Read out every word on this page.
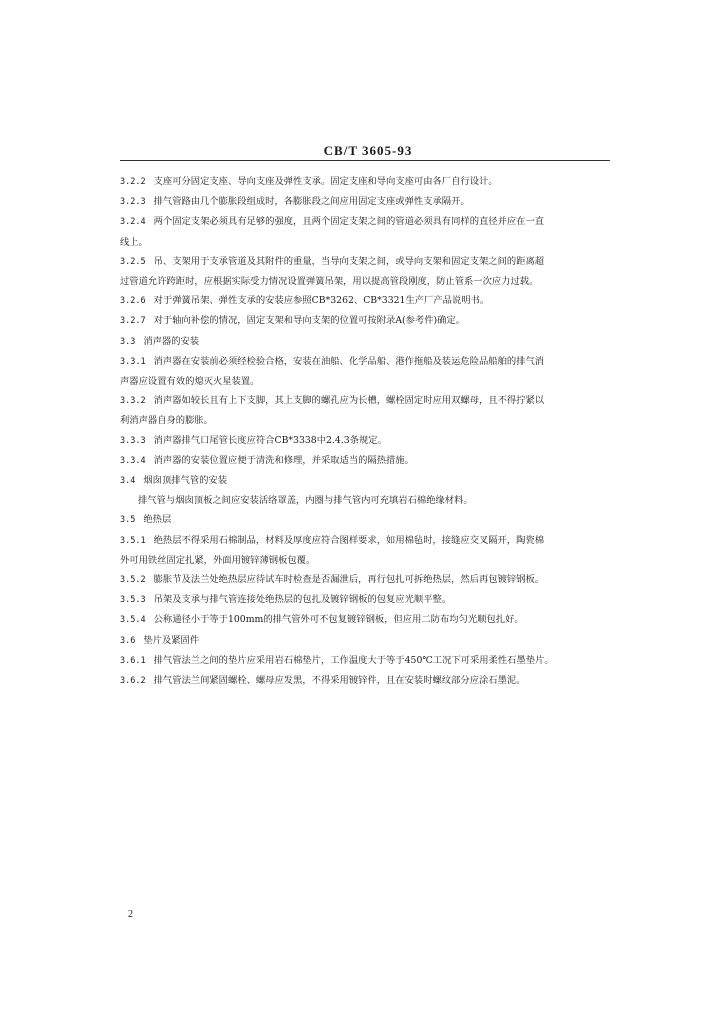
CB/T 3605-93
3.2.2 支座可分固定支座、导向支座及弹性支承。固定支座和导向支座可由各厂自行设计。
3.2.3 排气管路由几个膨胀段组成时，各膨胀段之间应用固定支座或弹性支承隔开。
3.2.4 两个固定支架必须具有足够的强度，且两个固定支架之间的管道必须具有同样的直径并应在一直
线上。
3.2.5 吊、支架用于支承管道及其附件的重量，当导向支架之间，或导向支架和固定支架之间的距离超
过管道允许跨距时，应根据实际受力情况设置弹簧吊架，用以提高管段刚度，防止管系一次应力过载。
3.2.6 对于弹簧吊架、弹性支承的安装应参照CB*3262、CB*3321生产厂产品说明书。
3.2.7 对于轴向补偿的情况，固定支架和导向支架的位置可按附录A(参考件)确定。
3.3 消声器的安装
3.3.1 消声器在安装前必须经检验合格，安装在油船、化学品船、港作拖船及装运危险品船舶的排气消
声器应设置有效的熄灭火星装置。
3.3.2 消声器如较长且有上下支脚，其上支脚的螺孔应为长槽，螺栓固定时应用双螺母，且不得拧紧以
利消声器自身的膨胀。
3.3.3 消声器排气口尾管长度应符合CB*3338中2.4.3条规定。
3.3.4 消声器的安装位置应便于清洗和修理，并采取适当的隔热措施。
3.4 烟囱顶排气管的安装
排气管与烟囱顶板之间应安装活络罩盖，内圈与排气管内可充填岩石棉绝缘材料。
3.5 绝热层
3.5.1 绝热层不得采用石棉制品，材料及厚度应符合图样要求，如用棉毡时，接缝应交叉隔开，陶瓷棉
外可用铁丝固定扎紧，外面用镀锌薄钢板包覆。
3.5.2 膨胀节及法兰处绝热层应待试车时检查是否漏泄后，再行包扎可拆绝热层，然后再包镀锌钢板。
3.5.3 吊架及支承与排气管连接处绝热层的包扎及镀锌钢板的包复应光顺平整。
3.5.4 公称通径小于等于100mm的排气管外可不包复镀锌钢板，但应用二防布均匀光顺包扎好。
3.6 垫片及紧固件
3.6.1 排气管法兰之间的垫片应采用岩石棉垫片，工作温度大于等于450℃工况下可采用柔性石墨垫片。
3.6.2 排气管法兰间紧固螺栓、螺母应发黑，不得采用镀锌件，且在安装时螺纹部分应涂石墨泥。
2
